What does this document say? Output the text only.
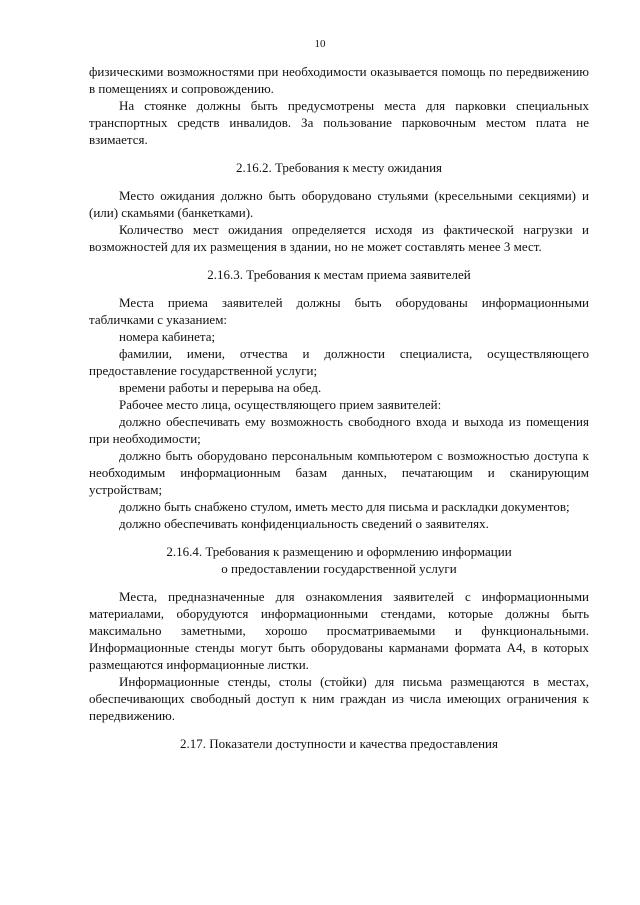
10

физическими возможностями при необходимости оказывается помощь по передвижению в помещениях и сопровождению.

На стоянке должны быть предусмотрены места для парковки специальных транспортных средств инвалидов. За пользование парковочным местом плата не взимается.

2.16.2. Требования к месту ожидания

Место ожидания должно быть оборудовано стульями (кресельными секциями) и (или) скамьями (банкетками).

Количество мест ожидания определяется исходя из фактической нагрузки и возможностей для их размещения в здании, но не может составлять менее 3 мест.

2.16.3. Требования к местам приема заявителей

Места приема заявителей должны быть оборудованы информационными табличками с указанием:

номера кабинета;

фамилии, имени, отчества и должности специалиста, осуществляющего предоставление государственной услуги;

времени работы и перерыва на обед.

Рабочее место лица, осуществляющего прием заявителей:

должно обеспечивать ему возможность свободного входа и выхода из помещения при необходимости;

должно быть оборудовано персональным компьютером с возможностью доступа к необходимым информационным базам данных, печатающим и сканирующим устройствам;

должно быть снабжено стулом, иметь место для письма и раскладки документов;

должно обеспечивать конфиденциальность сведений о заявителях.

2.16.4. Требования к размещению и оформлению информации

о предоставлении государственной услуги

Места, предназначенные для ознакомления заявителей с информационными материалами, оборудуются информационными стендами, которые должны быть максимально заметными, хорошо просматриваемыми и функциональными. Информационные стенды могут быть оборудованы карманами формата А4, в которых размещаются информационные листки.

Информационные стенды, столы (стойки) для письма размещаются в местах, обеспечивающих свободный доступ к ним граждан из числа имеющих ограничения к передвижению.

2.17. Показатели доступности и качества предоставления
